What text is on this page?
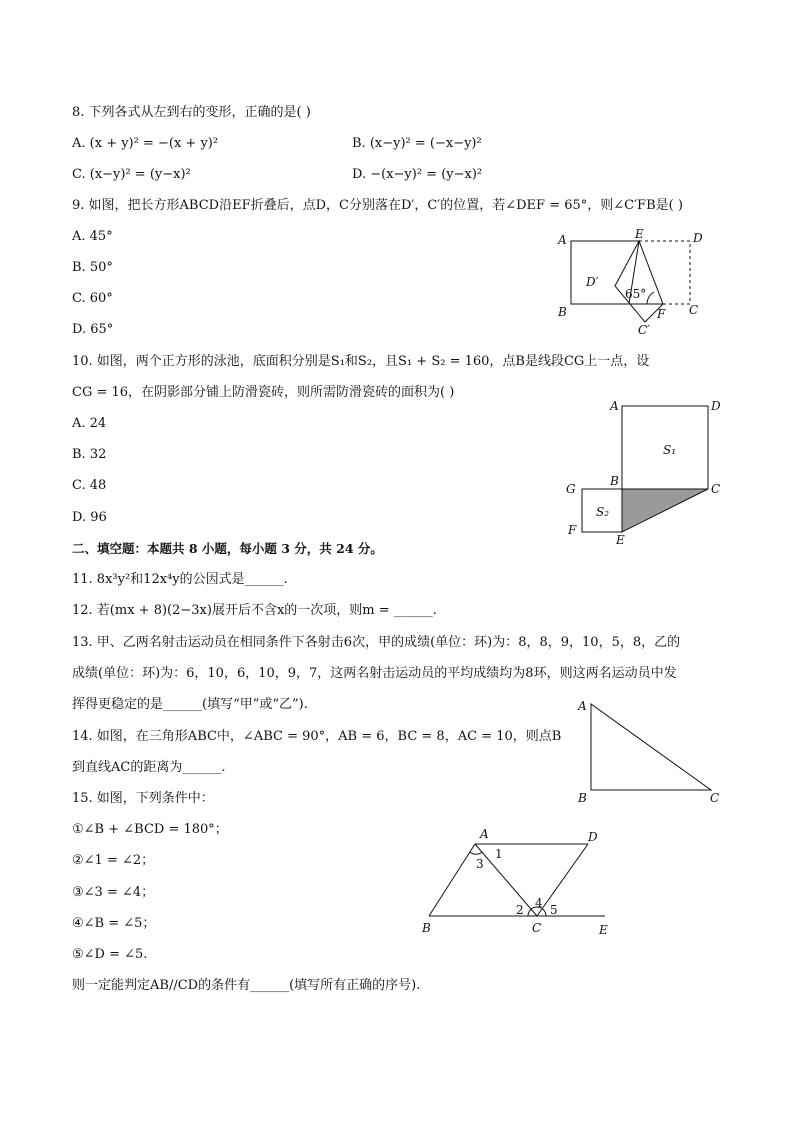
8. 下列各式从左到右的变形，正确的是( )
A. (x + y)² = −(x + y)²	B. (x−y)² = (−x−y)²
C. (x−y)² = (y−x)²	D. −(x−y)² = (y−x)²
9. 如图，把长方形ABCD沿EF折叠后，点D，C分别落在D′，C′的位置，若∠DEF = 65°，则∠C′FB是( )
A. 45°
B. 50°
C. 60°
D. 65°
A	E	D
D′
65°
B	F C
C′
10. 如图，两个正方形的泳池，底面积分别是S₁和S₂，且S₁ + S₂ = 160，点B是线段CG上一点，设
CG = 16，在阴影部分铺上防滑瓷砖，则所需防滑瓷砖的面积为( )
A. 24
B. 32
C. 48
D. 96
A	D
S₁
B
C
G
S₂
F
E
二、填空题：本题共 8 小题，每小题 3 分，共 24 分。
11. 8x³y²和12x⁴y的公因式是______.
12. 若(mx + 8)(2−3x)展开后不含x的一次项，则m = ______.
13. 甲、乙两名射击运动员在相同条件下各射击6次，甲的成绩(单位：环)为：8，8，9，10，5，8，乙的
成绩(单位：环)为：6，10，6，10，9，7，这两名射击运动员的平均成绩均为8环，则这两名运动员中发
挥得更稳定的是______(填写“甲”或“乙”).
14. 如图，在三角形ABC中，∠ABC = 90°，AB = 6，BC = 8，AC = 10，则点B
到直线AC的距离为______.
A
B	C
15. 如图，下列条件中：
①∠B + ∠BCD = 180°；
②∠1 = ∠2；
③∠3 = ∠4；
④∠B = ∠5；
⑤∠D = ∠5.
则一定能判定AB//CD的条件有______(填写所有正确的序号).
A	D
1
3
4
2 5
B	C	E
